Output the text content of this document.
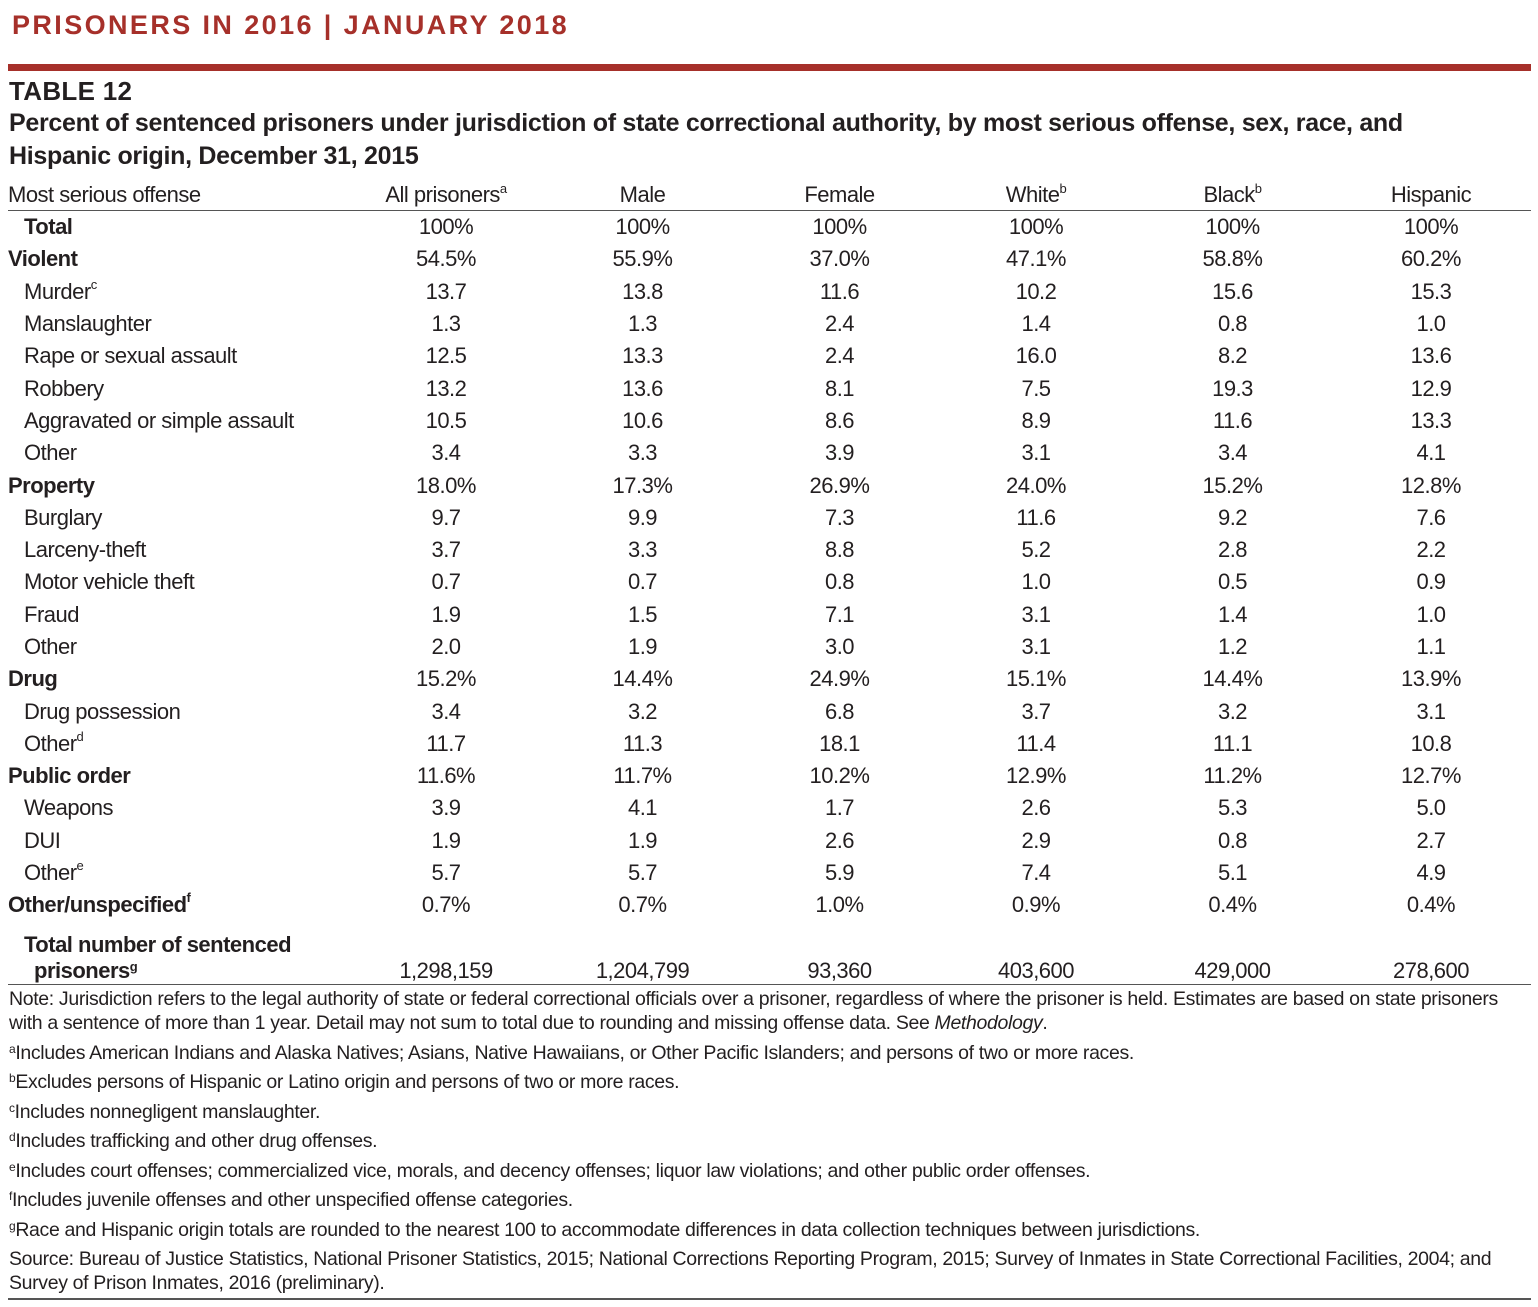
PRISONERS IN 2016 | JANUARY 2018
TABLE 12
Percent of sentenced prisoners under jurisdiction of state correctional authority, by most serious offense, sex, race, and Hispanic origin, December 31, 2015
Most serious offense	All prisoners$^a$	Male	Female	White$^b$	Black$^b$	Hispanic
Total	100%	100%	100%	100%	100%	100%
Violent	54.5%	55.9%	37.0%	47.1%	58.8%	60.2%
Murder$^c$	13.7	13.8	11.6	10.2	15.6	15.3
Manslaughter	1.3	1.3	2.4	1.4	0.8	1.0
Rape or sexual assault	12.5	13.3	2.4	16.0	8.2	13.6
Robbery	13.2	13.6	8.1	7.5	19.3	12.9
Aggravated or simple assault	10.5	10.6	8.6	8.9	11.6	13.3
Other	3.4	3.3	3.9	3.1	3.4	4.1
Property	18.0%	17.3%	26.9%	24.0%	15.2%	12.8%
Burglary	9.7	9.9	7.3	11.6	9.2	7.6
Larceny-theft	3.7	3.3	8.8	5.2	2.8	2.2
Motor vehicle theft	0.7	0.7	0.8	1.0	0.5	0.9
Fraud	1.9	1.5	7.1	3.1	1.4	1.0
Other	2.0	1.9	3.0	3.1	1.2	1.1
Drug	15.2%	14.4%	24.9%	15.1%	14.4%	13.9%
Drug possession	3.4	3.2	6.8	3.7	3.2	3.1
Other$^d$	11.7	11.3	18.1	11.4	11.1	10.8
Public order	11.6%	11.7%	10.2%	12.9%	11.2%	12.7%
Weapons	3.9	4.1	1.7	2.6	5.3	5.0
DUI	1.9	1.9	2.6	2.9	0.8	2.7
Other$^e$	5.7	5.7	5.9	7.4	5.1	4.9
Other/unspecified$^f$	0.7%	0.7%	1.0%	0.9%	0.4%	0.4%

Total number of sentenced
prisoners$^g$	1,298,159	1,204,799	93,360	403,600	429,000	278,600

Note: Jurisdiction refers to the legal authority of state or federal correctional officials over a prisoner, regardless of where the prisoner is held. Estimates are based on state prisoners with a sentence of more than 1 year. Detail may not sum to total due to rounding and missing offense data. See Methodology.

$^a$Includes American Indians and Alaska Natives; Asians, Native Hawaiians, or Other Pacific Islanders; and persons of two or more races.

$^b$Excludes persons of Hispanic or Latino origin and persons of two or more races.

$^c$Includes nonnegligent manslaughter.

$^d$Includes trafficking and other drug offenses.

$^e$Includes court offenses; commercialized vice, morals, and decency offenses; liquor law violations; and other public order offenses.

$^f$Includes juvenile offenses and other unspecified offense categories.

$^g$Race and Hispanic origin totals are rounded to the nearest 100 to accommodate differences in data collection techniques between jurisdictions.

Source: Bureau of Justice Statistics, National Prisoner Statistics, 2015; National Corrections Reporting Program, 2015; Survey of Inmates in State Correctional Facilities, 2004; and Survey of Prison Inmates, 2016 (preliminary).
